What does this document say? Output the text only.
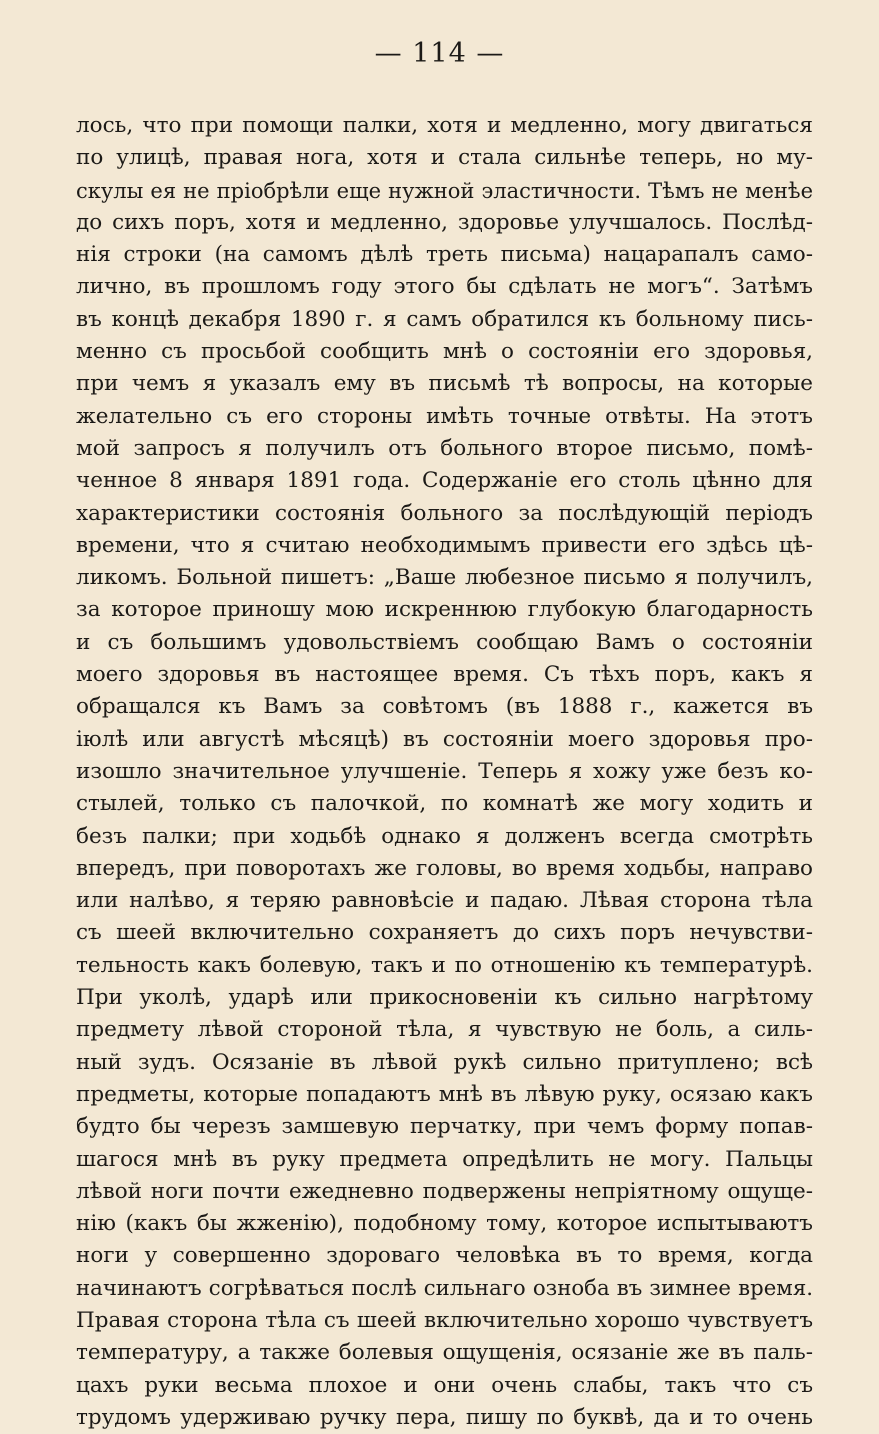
— 114 —
лось, что при помощи палки, хотя и медленно, могу двигаться
по улицѣ, правая нога, хотя и стала сильнѣе теперь, но му-
скулы ея не пріобрѣли еще нужной эластичности. Тѣмъ не менѣе
до сихъ поръ, хотя и медленно, здоровье улучшалось. Послѣд-
нія строки (на самомъ дѣлѣ треть письма) нацарапалъ само-
лично, въ прошломъ году этого бы сдѣлать не могъ“. Затѣмъ
въ концѣ декабря 1890 г. я самъ обратился къ больному пись-
менно съ просьбой сообщить мнѣ о состояніи его здоровья,
при чемъ я указалъ ему въ письмѣ тѣ вопросы, на которые
желательно съ его стороны имѣть точные отвѣты. На этотъ
мой запросъ я получилъ отъ больного второе письмо, помѣ-
ченное 8 января 1891 года. Содержаніе его столь цѣнно для
характеристики состоянія больного за послѣдующій періодъ
времени, что я считаю необходимымъ привести его здѣсь цѣ-
ликомъ. Больной пишетъ: „Ваше любезное письмо я получилъ,
за которое приношу мою искреннюю глубокую благодарность
и съ большимъ удовольствіемъ сообщаю Вамъ о состояніи
моего здоровья въ настоящее время. Съ тѣхъ поръ, какъ я
обращался къ Вамъ за совѣтомъ (въ 1888 г., кажется въ
іюлѣ или августѣ мѣсяцѣ) въ состояніи моего здоровья про-
изошло значительное улучшеніе. Теперь я хожу уже безъ ко-
стылей, только съ палочкой, по комнатѣ же могу ходить и
безъ палки; при ходьбѣ однако я долженъ всегда смотрѣть
впередъ, при поворотахъ же головы, во время ходьбы, направо
или налѣво, я теряю равновѣсіе и падаю. Лѣвая сторона тѣла
съ шеей включительно сохраняетъ до сихъ поръ нечувстви-
тельность какъ болевую, такъ и по отношенію къ температурѣ.
При уколѣ, ударѣ или прикосновеніи къ сильно нагрѣтому
предмету лѣвой стороной тѣла, я чувствую не боль, а силь-
ный зудъ. Осязаніе въ лѣвой рукѣ сильно притуплено; всѣ
предметы, которые попадаютъ мнѣ въ лѣвую руку, осязаю какъ
будто бы черезъ замшевую перчатку, при чемъ форму попав-
шагося мнѣ въ руку предмета опредѣлить не могу. Пальцы
лѣвой ноги почти ежедневно подвержены непріятному ощуще-
нію (какъ бы жженію), подобному тому, которое испытываютъ
ноги у совершенно здороваго человѣка въ то время, когда
начинаютъ согрѣваться послѣ сильнаго озноба въ зимнее время.
Правая сторона тѣла съ шеей включительно хорошо чувствуетъ
температуру, а также болевыя ощущенія, осязаніе же въ паль-
цахъ руки весьма плохое и они очень слабы, такъ что съ
трудомъ удерживаю ручку пера, пишу по буквѣ, да и то очень
